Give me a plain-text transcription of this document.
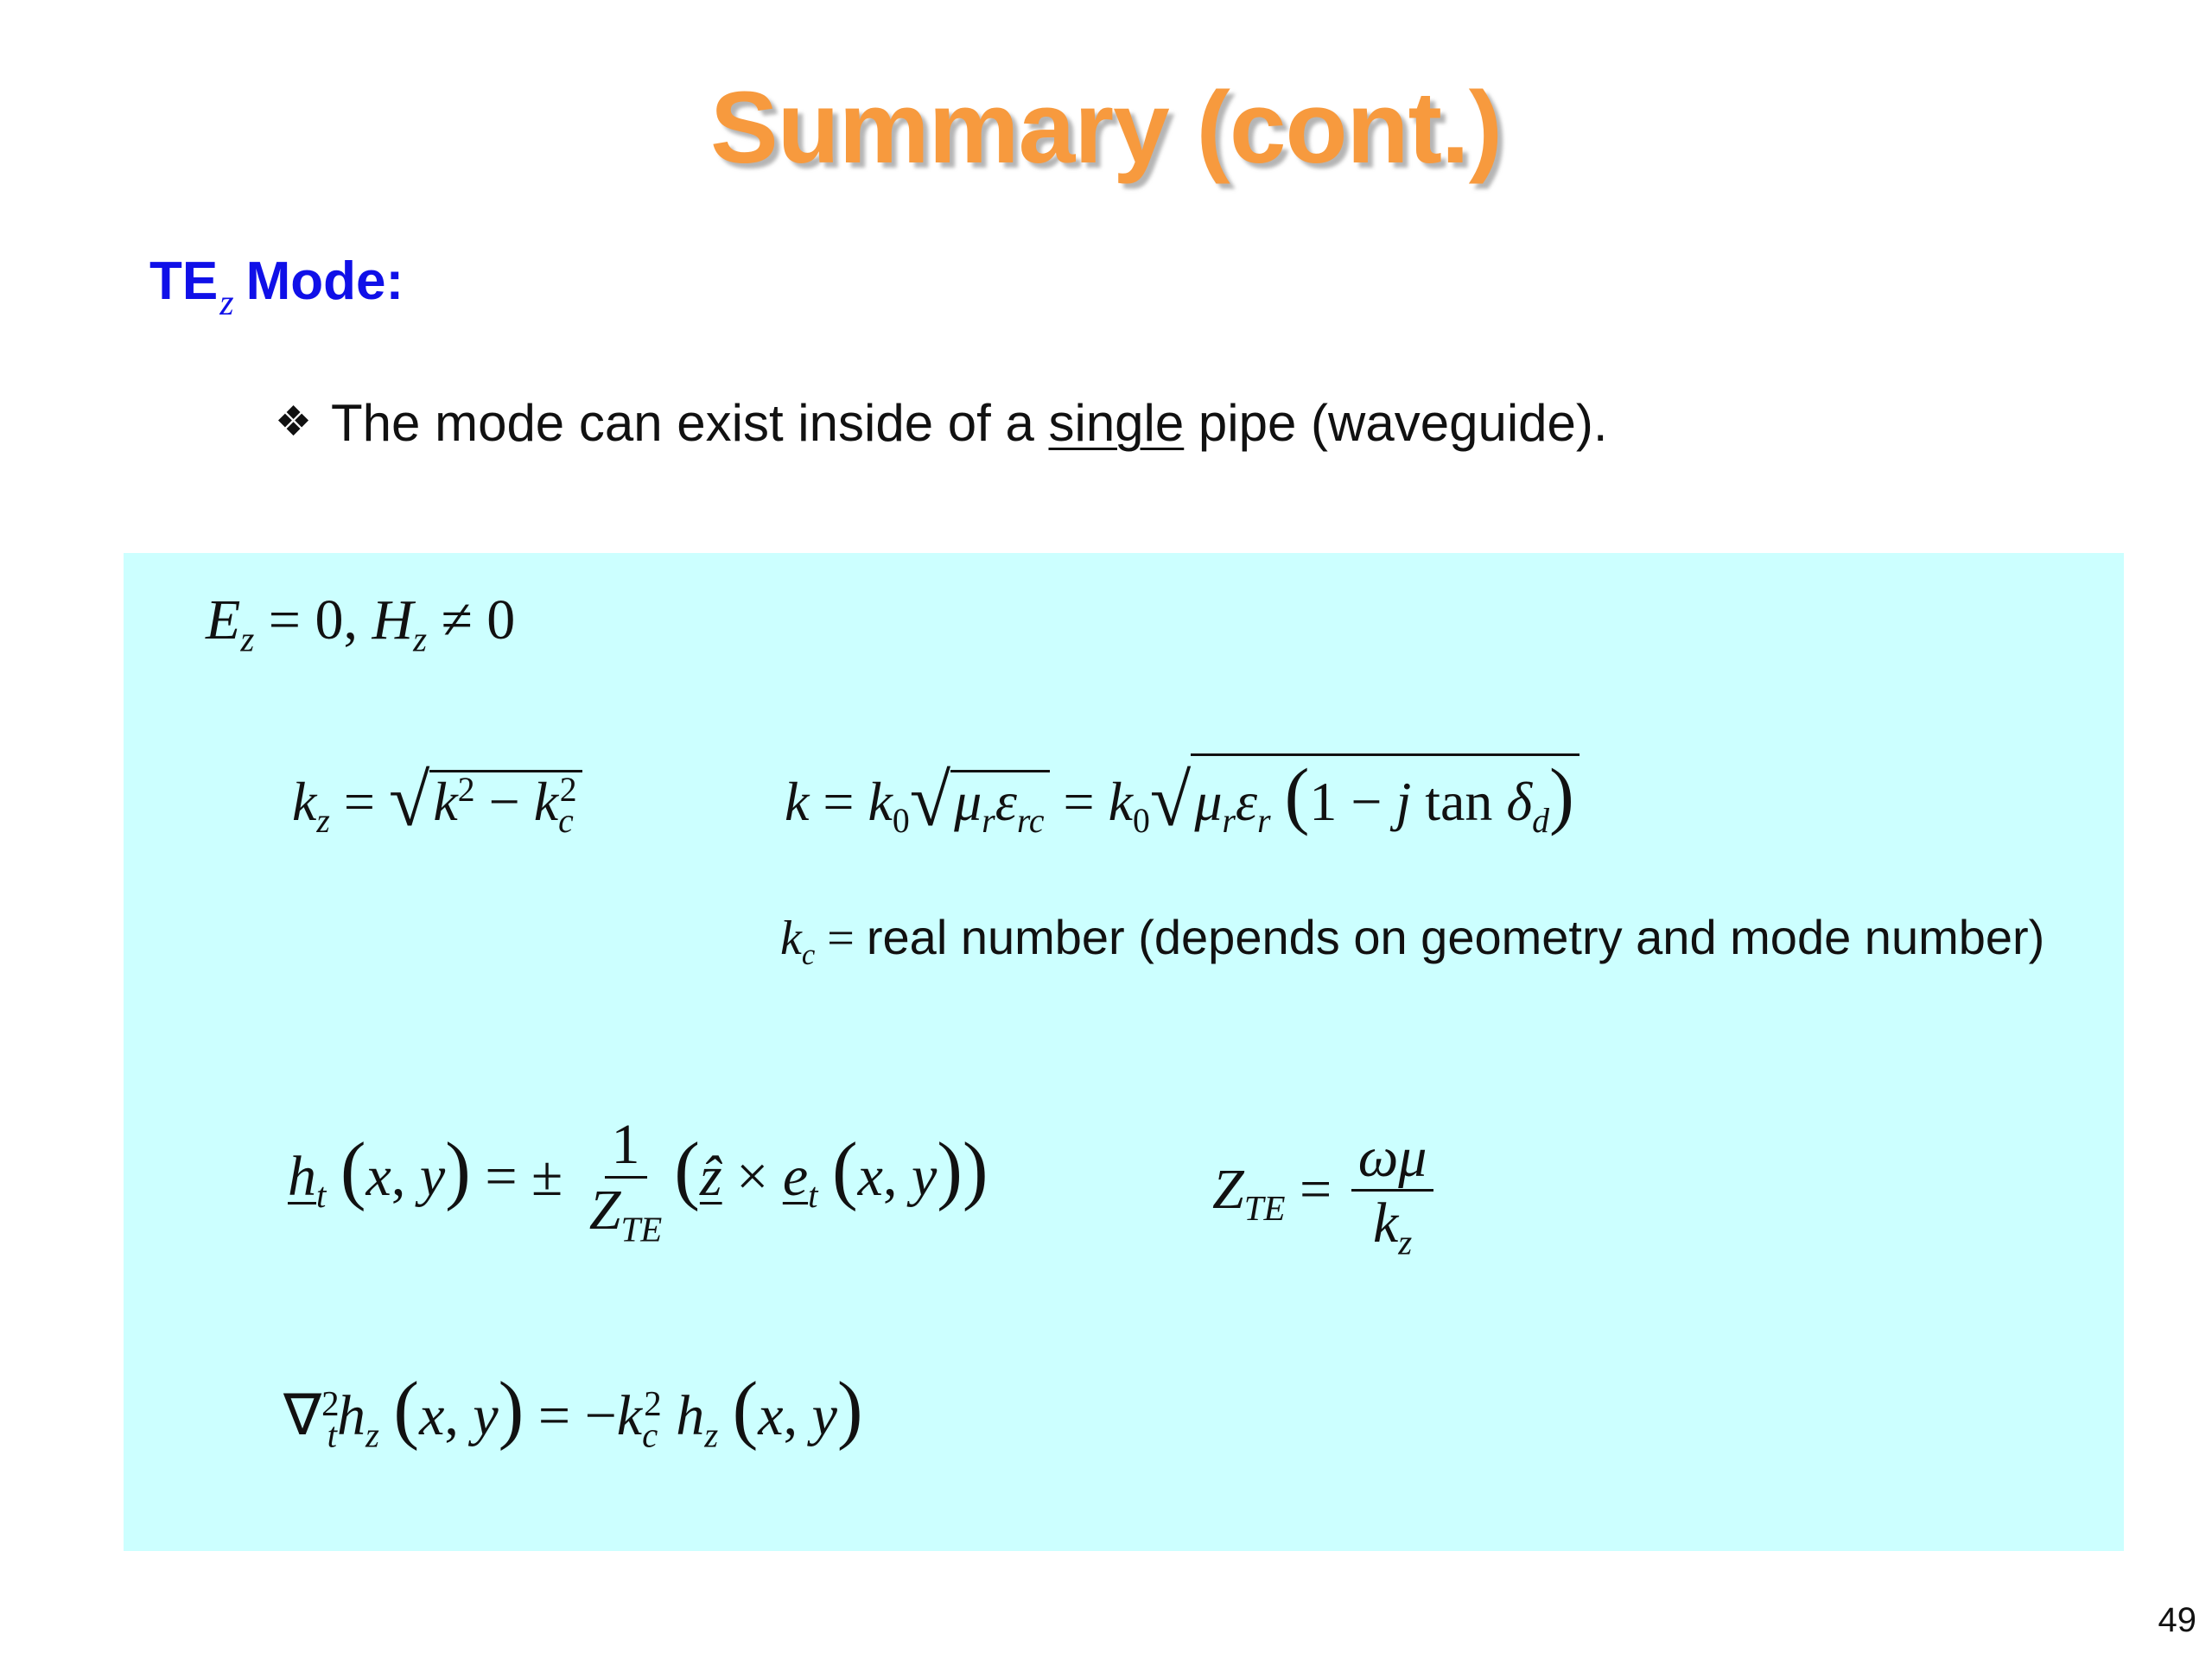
Summary (cont.)
$TE_z$ Mode:
❖ The mode can exist inside of a single pipe (waveguide).
$E_z = 0$, $H_z \ne 0$
$k_z = √k^2 - k_c^2$	$k = k_0√\mu_r\varepsilon_{rc} = k_0√\mu_r\varepsilon_r$ (1 − j $\tan \delta_d$)
$k_c$ = real number (depends on geometry and mode number)
$h_t$ (x, y) = ± $\frac{1}{Z_{TE}}$ (ẑ × $e_t$ (x, y))	$Z_{TE} = \frac{\omega\mu}{k_z}$
$\nabla^2_th_z$ (x, $y) = -k_c^2$ $h_z$ (x, y)
49
